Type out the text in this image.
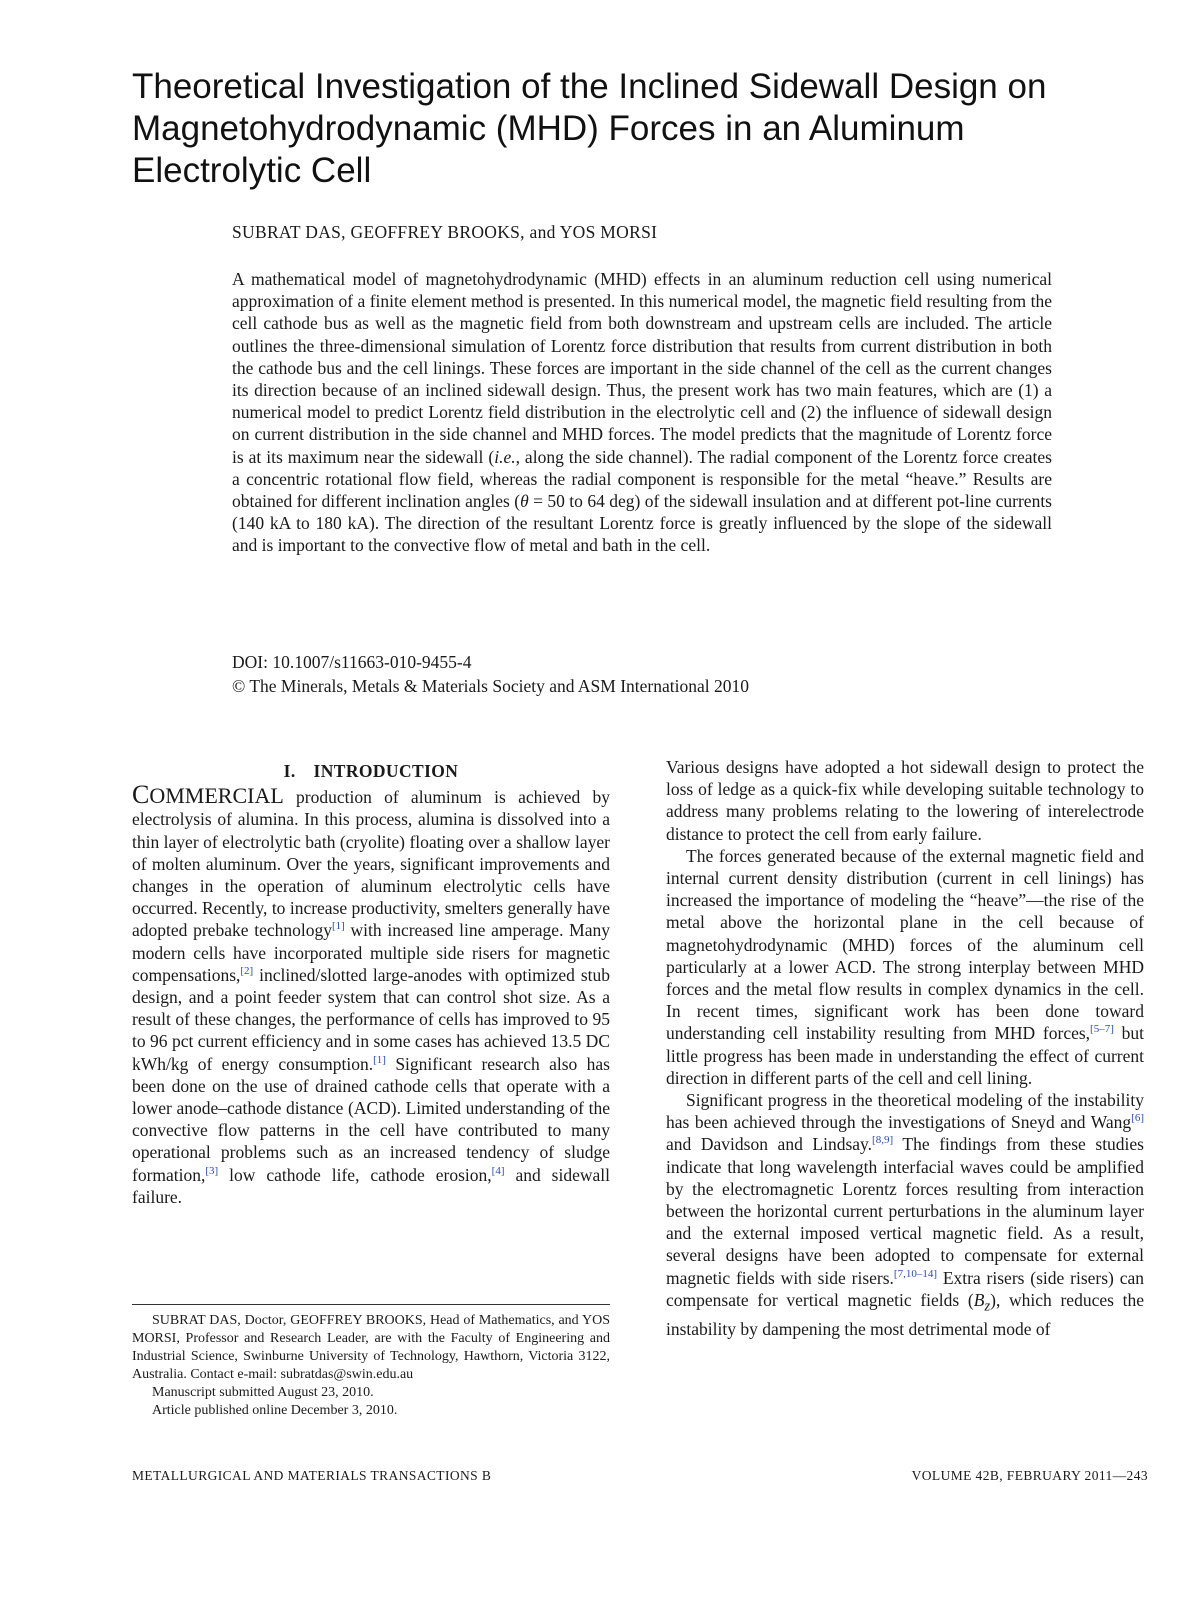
Theoretical Investigation of the Inclined Sidewall Design on Magnetohydrodynamic (MHD) Forces in an Aluminum Electrolytic Cell

SUBRAT DAS, GEOFFREY BROOKS, and YOS MORSI

A mathematical model of magnetohydrodynamic (MHD) effects in an aluminum reduction cell using numerical approximation of a finite element method is presented. In this numerical model, the magnetic field resulting from the cell cathode bus as well as the magnetic field from both downstream and upstream cells are included. The article outlines the three-dimensional simulation of Lorentz force distribution that results from current distribution in both the cathode bus and the cell linings. These forces are important in the side channel of the cell as the current changes its direction because of an inclined sidewall design. Thus, the present work has two main features, which are (1) a numerical model to predict Lorentz field distribution in the electrolytic cell and (2) the influence of sidewall design on current distribution in the side channel and MHD forces. The model predicts that the magnitude of Lorentz force is at its maximum near the sidewall (i.e., along the side channel). The radial component of the Lorentz force creates a concentric rotational flow field, whereas the radial component is responsible for the metal “heave.” Results are obtained for different inclination angles (θ = 50 to 64 deg) of the sidewall insulation and at different pot-line currents (140 kA to 180 kA). The direction of the resultant Lorentz force is greatly influenced by the slope of the sidewall and is important to the convective flow of metal and bath in the cell.

DOI: 10.1007/s11663-010-9455-4

© The Minerals, Metals & Materials Society and ASM International 2010

I. INTRODUCTION

COMMERCIAL production of aluminum is achieved by electrolysis of alumina. In this process, alumina is dissolved into a thin layer of electrolytic bath (cryolite) floating over a shallow layer of molten aluminum. Over the years, significant improvements and changes in the operation of aluminum electrolytic cells have occurred. Recently, to increase productivity, smelters generally have adopted prebake technology[1] with increased line amperage. Many modern cells have incorporated multiple side risers for magnetic compensations,[2] inclined/slotted large-anodes with optimized stub design, and a point feeder system that can control shot size. As a result of these changes, the performance of cells has improved to 95 to 96 pct current efficiency and in some cases has achieved 13.5 DC kWh/kg of energy consumption.[1] Significant research also has been done on the use of drained cathode cells that operate with a lower anode–cathode distance (ACD). Limited understanding of the convective flow patterns in the cell have contributed to many operational problems such as an increased tendency of sludge formation,[3] low cathode life, cathode erosion,[4] and sidewall failure.

SUBRAT DAS, Doctor, GEOFFREY BROOKS, Head of Mathematics, and YOS MORSI, Professor and Research Leader, are with the Faculty of Engineering and Industrial Science, Swinburne University of Technology, Hawthorn, Victoria 3122, Australia. Contact e-mail: subratdas@swin.edu.au

Manuscript submitted August 23, 2010.

Article published online December 3, 2010.

Various designs have adopted a hot sidewall design to protect the loss of ledge as a quick-fix while developing suitable technology to address many problems relating to the lowering of interelectrode distance to protect the cell from early failure.

The forces generated because of the external magnetic field and internal current density distribution (current in cell linings) has increased the importance of modeling the “heave”—the rise of the metal above the horizontal plane in the cell because of magnetohydrodynamic (MHD) forces of the aluminum cell particularly at a lower ACD. The strong interplay between MHD forces and the metal flow results in complex dynamics in the cell. In recent times, significant work has been done toward understanding cell instability resulting from MHD forces,[5–7] but little progress has been made in understanding the effect of current direction in different parts of the cell and cell lining.

Significant progress in the theoretical modeling of the instability has been achieved through the investigations of Sneyd and Wang[6] and Davidson and Lindsay.[8,9] The findings from these studies indicate that long wavelength interfacial waves could be amplified by the electromagnetic Lorentz forces resulting from interaction between the horizontal current perturbations in the aluminum layer and the external imposed vertical magnetic field. As a result, several designs have been adopted to compensate for external magnetic fields with side risers.[7,10–14] Extra risers (side risers) can compensate for vertical magnetic fields $(B_z)$, which reduces the instability by dampening the most detrimental mode of

METALLURGICAL AND MATERIALS TRANSACTIONS B	VOLUME 42B, FEBRUARY 2011—243
